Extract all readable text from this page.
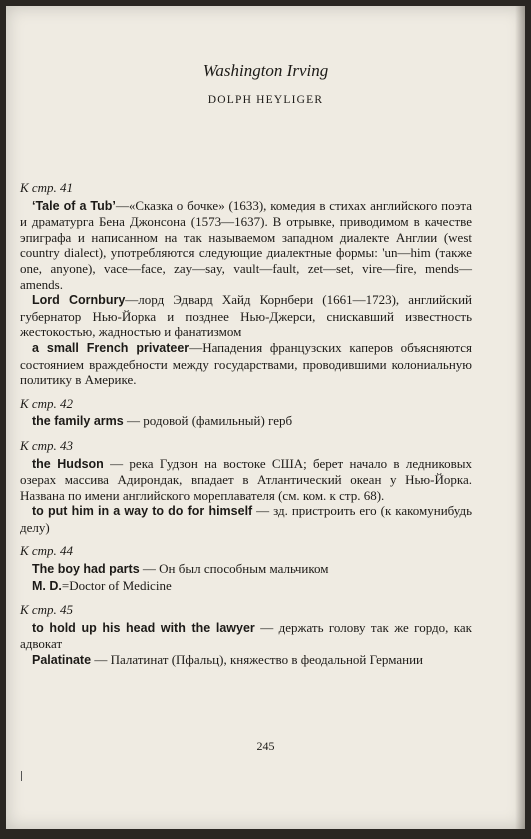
Washington Irving
DOLPH HEYLIGER
К стр. 41
‘Tale of a Tub’—«Сказка о бочке» (1633), комедия в стихах английского поэта и драматурга Бена Джонсона (1573—1637). В отрывке, приводимом в качестве эпиграфа и написанном на так называемом западном диалекте Англии (west country dialect), употребляются следующие диалектные формы: 'un—him (также one, anyone), vace—face, zay—say, vault—fault, zet—set, vire—fire, mends—amends.
Lord Cornbury—лорд Эдвард Хайд Корнбери (1661—1723), английский губернатор Нью-Йорка и позднее Нью-Джерси, снискавший известность жестокостью, жадностью и фанатизмом
a small French privateer—Нападения французских каперов объясняются состоянием враждебности между государствами, проводившими колониальную политику в Америке.
К стр. 42
the family arms — родовой (фамильный) герб
К стр. 43
the Hudson — река Гудзон на востоке США; берет начало в ледниковых озерах массива Адирондак, впадает в Атлантический океан у Нью-Йорка. Названа по имени английского мореплавателя (см. ком. к стр. 68).
to put him in a way to do for himself — зд. пристроить его (к какомунибудь делу)
К стр. 44
The boy had parts — Он был способным мальчиком
M. D.=Doctor of Medicine
К стр. 45
to hold up his head with the lawyer — держать голову так же гордо, как адвокат
Palatinate — Палатинат (Пфальц), княжество в феодальной Германии
245
